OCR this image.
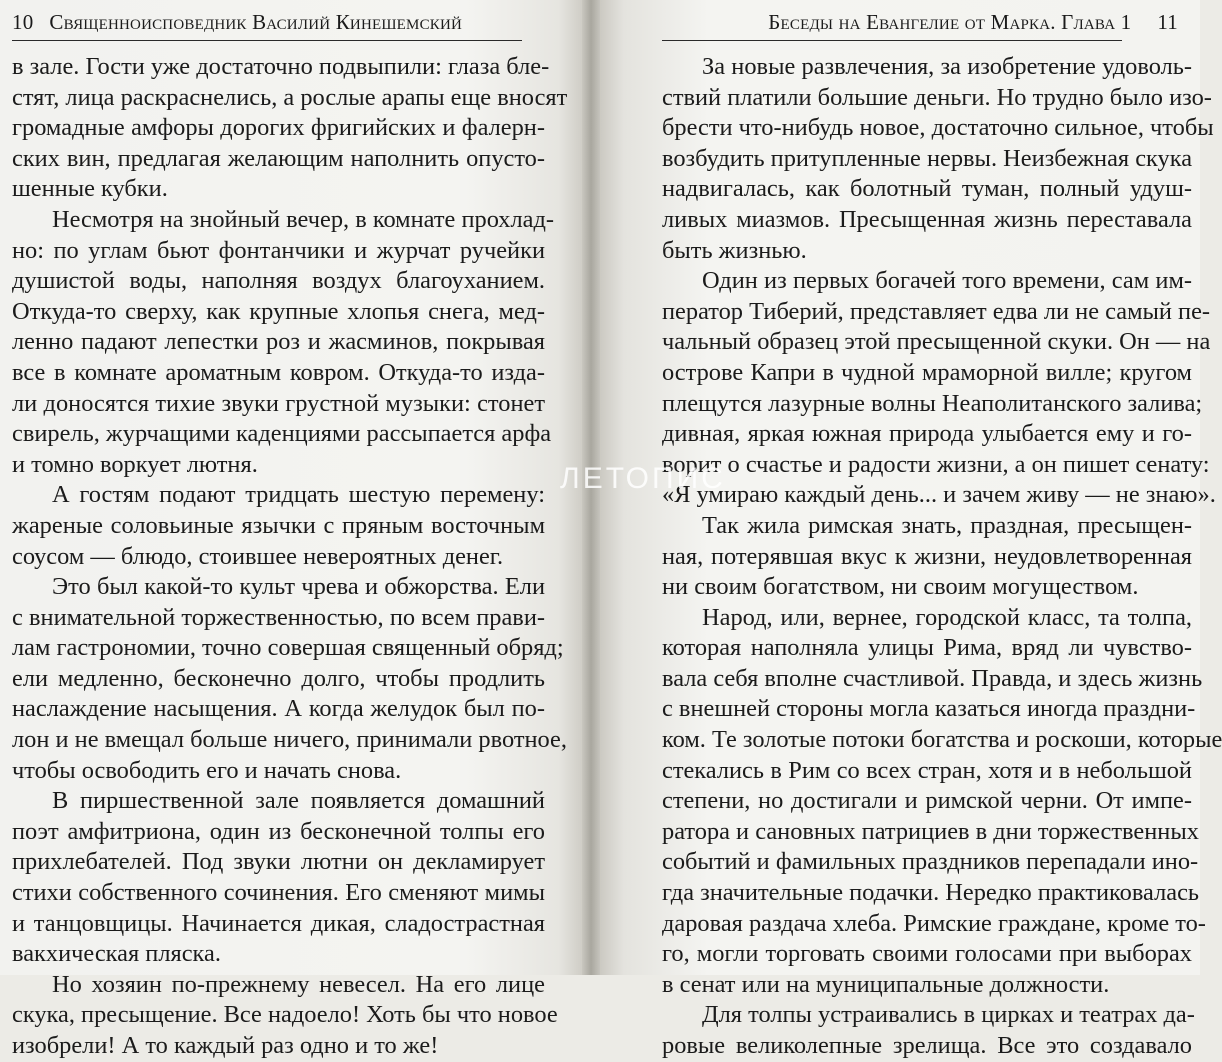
10 Священноисповедник Василий Кинешемский

в зале. Гости уже достаточно подвыпили: глаза бле-
стят, лица раскраснелись, а рослые арапы еще вносят
громадные амфоры дорогих фригийских и фалерн-
ских вин, предлагая желающим наполнить опусто-
шенные кубки.

Несмотря на знойный вечер, в комнате прохлад-
но: по углам бьют фонтанчики и журчат ручейки
душистой воды, наполняя воздух благоуханием.
Откуда-то сверху, как крупные хлопья снега, мед-
ленно падают лепестки роз и жасминов, покрывая
все в комнате ароматным ковром. Откуда-то изда-
ли доносятся тихие звуки грустной музыки: стонет
свирель, журчащими каденциями рассыпается арфа
и томно воркует лютня.

А гостям подают тридцать шестую перемену:
жареные соловьиные язычки с пряным восточным
соусом — блюдо, стоившее невероятных денег.

Это был какой-то культ чрева и обжорства. Ели
с внимательной торжественностью, по всем прави-
лам гастрономии, точно совершая священный обряд;
ели медленно, бесконечно долго, чтобы продлить
наслаждение насыщения. А когда желудок был по-
лон и не вмещал больше ничего, принимали рвотное,
чтобы освободить его и начать снова.

В пиршественной зале появляется домашний
поэт амфитриона, один из бесконечной толпы его
прихлебателей. Под звуки лютни он декламирует
стихи собственного сочинения. Его сменяют мимы
и танцовщицы. Начинается дикая, сладострастная
вакхическая пляска.

Но хозяин по-прежнему невесел. На его лице
скука, пресыщение. Все надоело! Хоть бы что новое
изобрели! А то каждый раз одно и то же!

Беседы на Евангелие от Марка. Глава 1 11

За новые развлечения, за изобретение удоволь-
ствий платили большие деньги. Но трудно было изо-
брести что-нибудь новое, достаточно сильное, чтобы
возбудить притупленные нервы. Неизбежная скука
надвигалась, как болотный туман, полный удуш-
ливых миазмов. Пресыщенная жизнь переставала
быть жизнью.

Один из первых богачей того времени, сам им-
ператор Тиберий, представляет едва ли не самый пе-
чальный образец этой пресыщенной скуки. Он — на
острове Капри в чудной мраморной вилле; кругом
плещутся лазурные волны Неаполитанского залива;
дивная, яркая южная природа улыбается ему и го-
ворит о счастье и радости жизни, а он пишет сенату:
«Я умираю каждый день... и зачем живу — не знаю».

Так жила римская знать, праздная, пресыщен-
ная, потерявшая вкус к жизни, неудовлетворенная
ни своим богатством, ни своим могуществом.

Народ, или, вернее, городской класс, та толпа,
которая наполняла улицы Рима, вряд ли чувство-
вала себя вполне счастливой. Правда, и здесь жизнь
с внешней стороны могла казаться иногда праздни-
ком. Те золотые потоки богатства и роскоши, которые
стекались в Рим со всех стран, хотя и в небольшой
степени, но достигали и римской черни. От импе-
ратора и сановных патрициев в дни торжественных
событий и фамильных праздников перепадали ино-
гда значительные подачки. Нередко практиковалась
даровая раздача хлеба. Римские граждане, кроме то-
го, могли торговать своими голосами при выборах
в сенат или на муниципальные должности.

Для толпы устраивались в цирках и театрах да-
ровые великолепные зрелища. Все это создавало

ЛЕТОПИС
